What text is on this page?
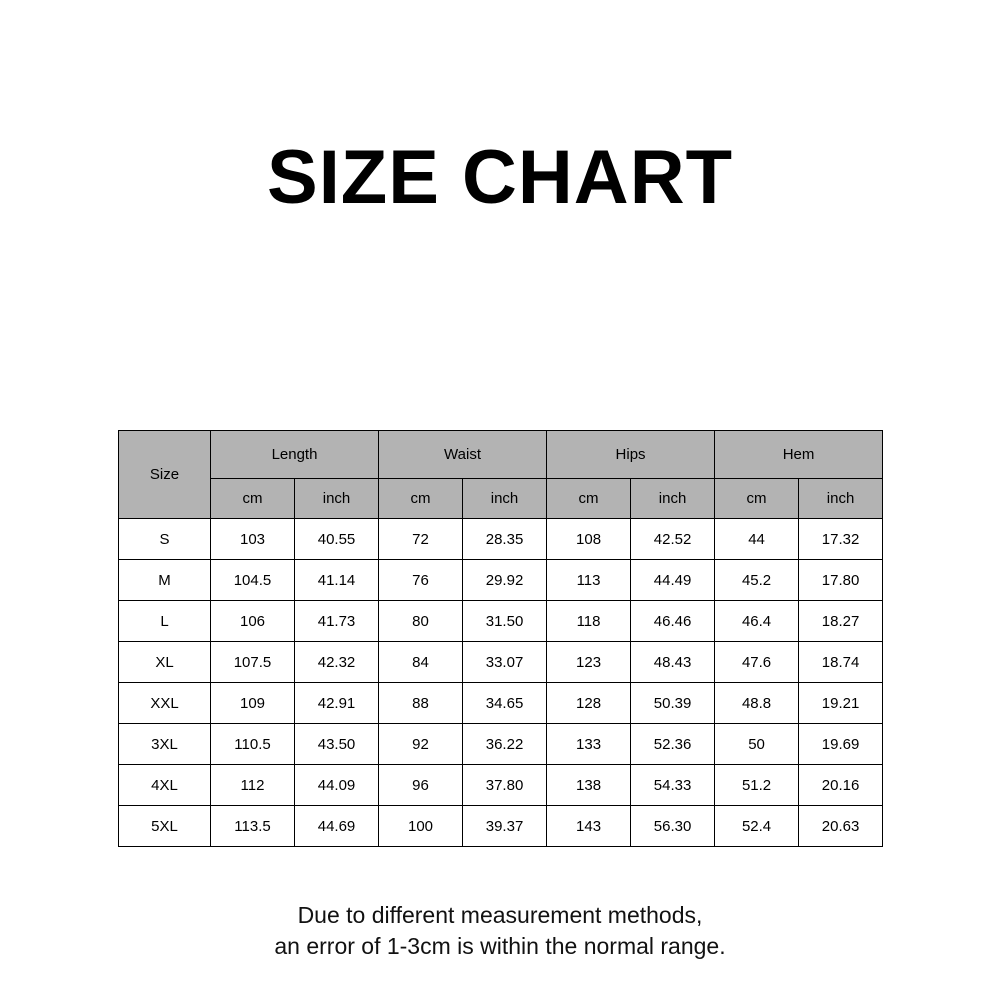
SIZE CHART
Size	Length		Waist		Hips		Hem	
	cm	inch	cm	inch	cm	inch	cm	inch
S	103	40.55	72	28.35	108	42.52	44	17.32
M	104.5	41.14	76	29.92	113	44.49	45.2	17.80
L	106	41.73	80	31.50	118	46.46	46.4	18.27
XL	107.5	42.32	84	33.07	123	48.43	47.6	18.74
XXL	109	42.91	88	34.65	128	50.39	48.8	19.21
3XL	110.5	43.50	92	36.22	133	52.36	50	19.69
4XL	112	44.09	96	37.80	138	54.33	51.2	20.16
5XL	113.5	44.69	100	39.37	143	56.30	52.4	20.63
Due to different measurement methods,
an error of 1-3cm is within the normal range.
